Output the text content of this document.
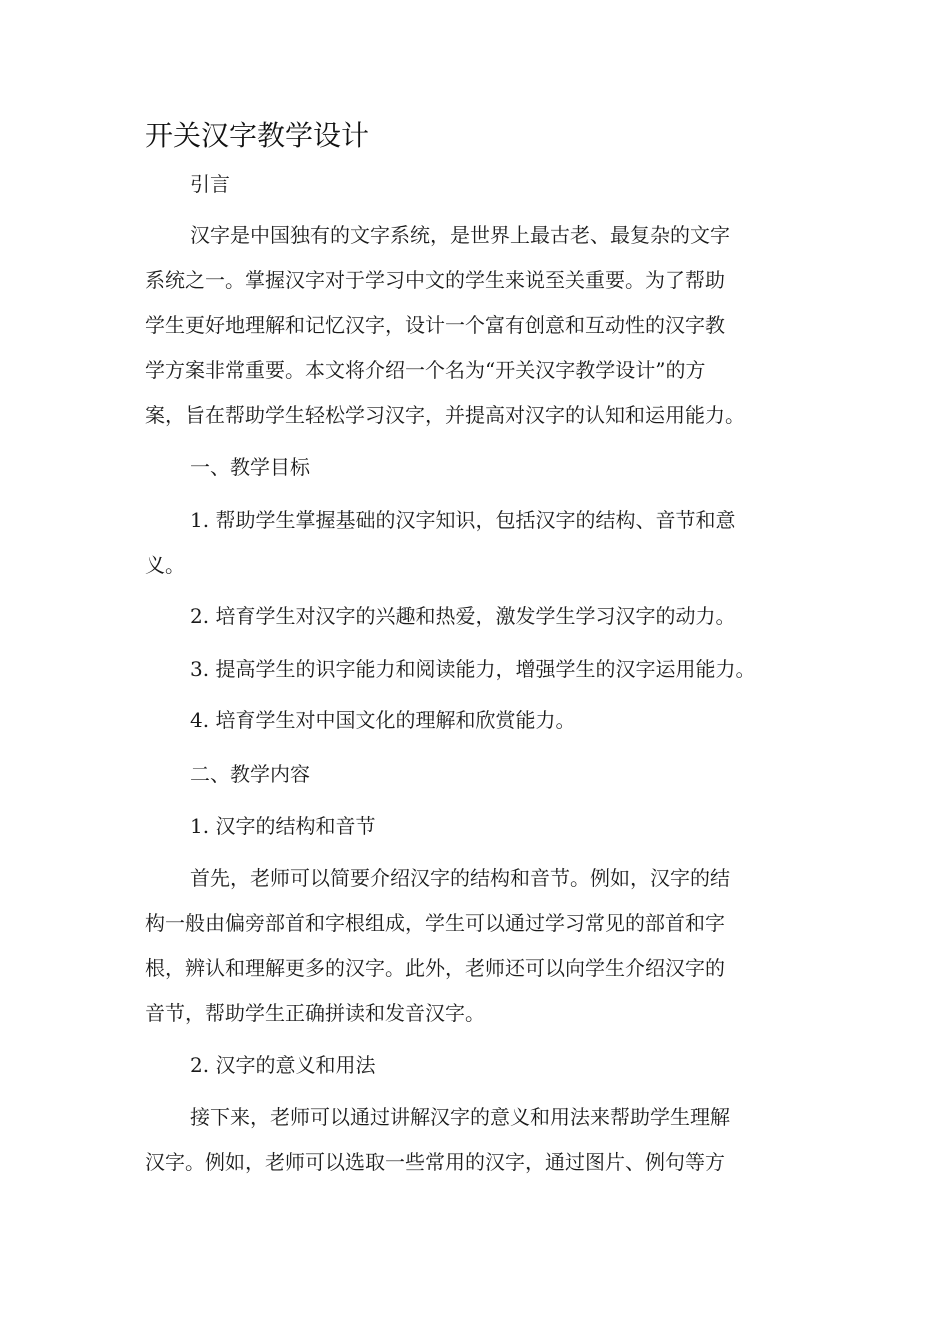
开关汉字教学设计
引言
汉字是中国独有的文字系统，是世界上最古老、最复杂的文字
系统之一。掌握汉字对于学习中文的学生来说至关重要。为了帮助
学生更好地理解和记忆汉字，设计一个富有创意和互动性的汉字教
学方案非常重要。本文将介绍一个名为“开关汉字教学设计”的方
案，旨在帮助学生轻松学习汉字，并提高对汉字的认知和运用能力。
一、教学目标
1. 帮助学生掌握基础的汉字知识，包括汉字的结构、音节和意
义。
2. 培育学生对汉字的兴趣和热爱，激发学生学习汉字的动力。
3. 提高学生的识字能力和阅读能力，增强学生的汉字运用能力。
4. 培育学生对中国文化的理解和欣赏能力。
二、教学内容
1. 汉字的结构和音节
首先，老师可以简要介绍汉字的结构和音节。例如，汉字的结
构一般由偏旁部首和字根组成，学生可以通过学习常见的部首和字
根，辨认和理解更多的汉字。此外，老师还可以向学生介绍汉字的
音节，帮助学生正确拼读和发音汉字。
2. 汉字的意义和用法
接下来，老师可以通过讲解汉字的意义和用法来帮助学生理解
汉字。例如，老师可以选取一些常用的汉字，通过图片、例句等方
